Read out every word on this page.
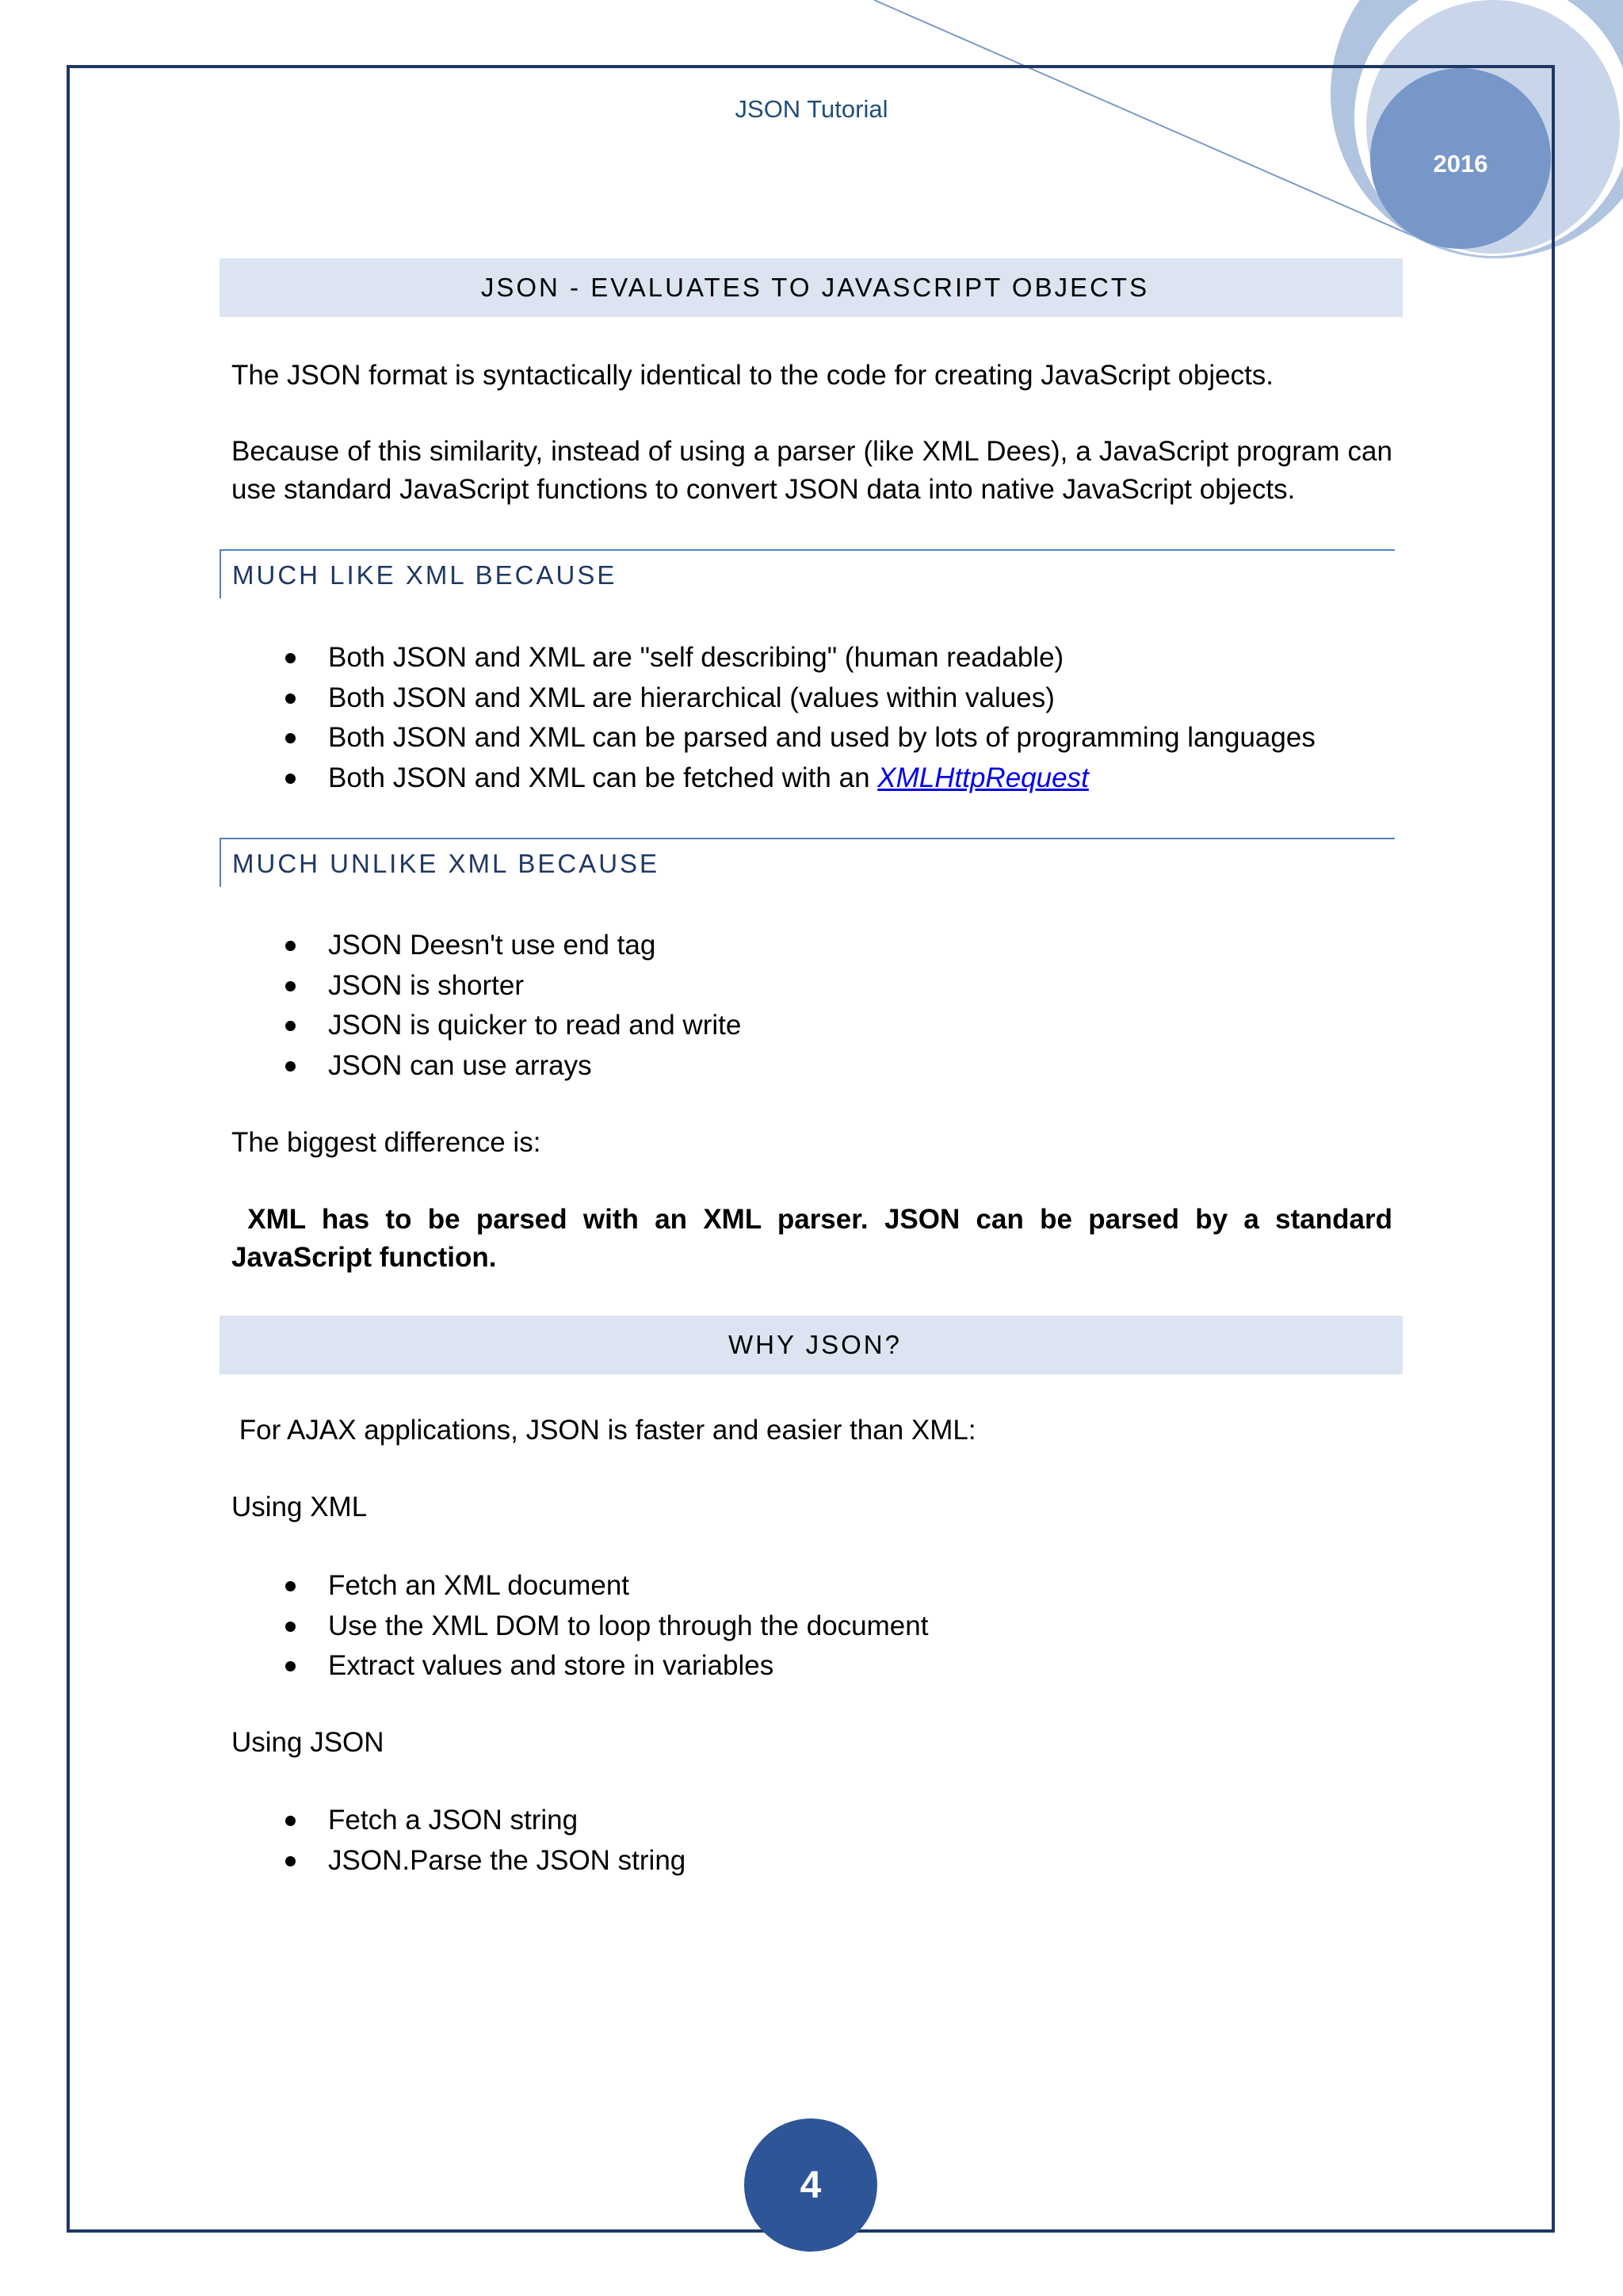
JSON Tutorial
2016
JSON - EVALUATES TO JAVASCRIPT OBJECTS
The JSON format is syntactically identical to the code for creating JavaScript objects.
Because of this similarity, instead of using a parser (like XML Dees), a JavaScript program can use standard JavaScript functions to convert JSON data into native JavaScript objects.
MUCH LIKE XML BECAUSE
Both JSON and XML are "self describing" (human readable)
Both JSON and XML are hierarchical (values within values)
Both JSON and XML can be parsed and used by lots of programming languages
Both JSON and XML can be fetched with an XMLHttpRequest
MUCH UNLIKE XML BECAUSE
JSON Deesn't use end tag
JSON is shorter
JSON is quicker to read and write
JSON can use arrays
The biggest difference is:
XML has to be parsed with an XML parser. JSON can be parsed by a standard JavaScript function.
WHY JSON?
For AJAX applications, JSON is faster and easier than XML:
Using XML
Fetch an XML document
Use the XML DOM to loop through the document
Extract values and store in variables
Using JSON
Fetch a JSON string
JSON.Parse the JSON string
4
